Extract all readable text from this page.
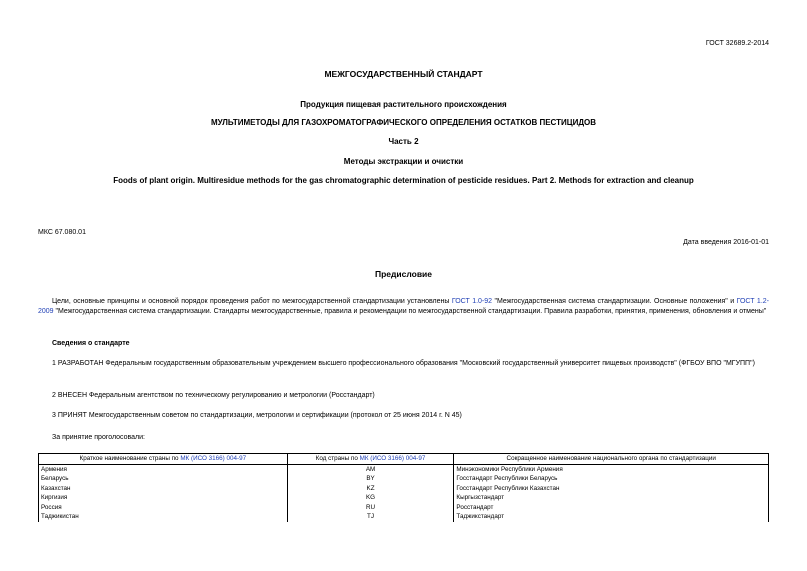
ГОСТ 32689.2-2014
МЕЖГОСУДАРСТВЕННЫЙ СТАНДАРТ
Продукция пищевая растительного происхождения
МУЛЬТИМЕТОДЫ ДЛЯ ГАЗОХРОМАТОГРАФИЧЕСКОГО ОПРЕДЕЛЕНИЯ ОСТАТКОВ ПЕСТИЦИДОВ
Часть 2
Методы экстракции и очистки
Foods of plant origin. Multiresidue methods for the gas chromatographic determination of pesticide residues. Part 2. Methods for extraction and cleanup
МКС 67.080.01
Дата введения 2016-01-01
Предисловие
Цели, основные принципы и основной порядок проведения работ по межгосударственной стандартизации установлены ГОСТ 1.0-92 "Межгосударственная система стандартизации. Основные положения" и ГОСТ 1.2-2009 "Межгосударственная система стандартизации. Стандарты межгосударственные, правила и рекомендации по межгосударственной стандартизации. Правила разработки, принятия, применения, обновления и отмены"
Сведения о стандарте
1 РАЗРАБОТАН Федеральным государственным образовательным учреждением высшего профессионального образования "Московский государственный университет пищевых производств" (ФГБОУ ВПО "МГУПП")
2 ВНЕСЕН Федеральным агентством по техническому регулированию и метрологии (Росстандарт)
3 ПРИНЯТ Межгосударственным советом по стандартизации, метрологии и сертификации (протокол от 25 июня 2014 г. N 45)
За принятие проголосовали:
Краткое наименование страны по МК (ИСО 3166) 004-97	Код страны по МК (ИСО 3166) 004-97	Сокращенное наименование национального органа по стандартизации
Армения	AM	Минэкономики Республики Армения
Беларусь	BY	Госстандарт Республики Беларусь
Казахстан	KZ	Госстандарт Республики Казахстан
Киргизия	KG	Кыргызстандарт
Россия	RU	Росстандарт
Таджикистан	TJ	Таджикстандарт
